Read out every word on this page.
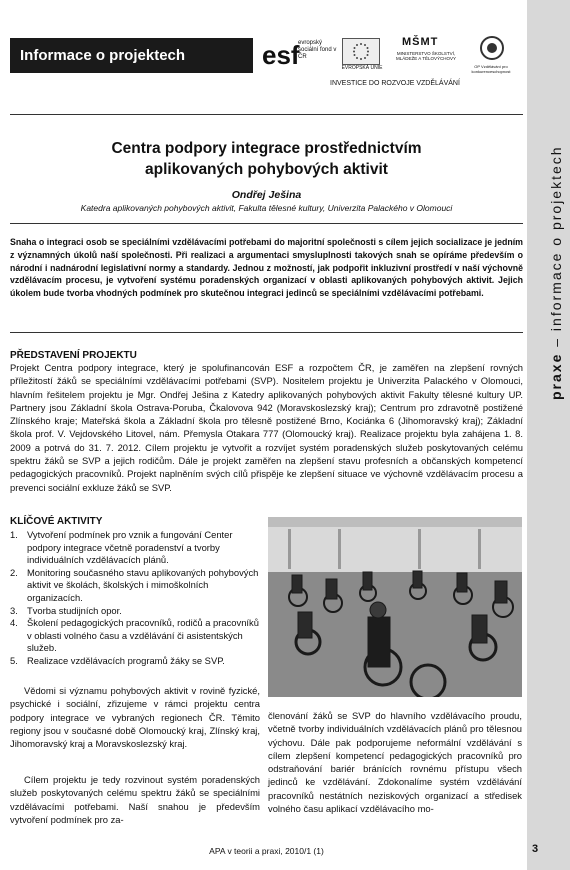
praxe – informace o projektech
Informace o projektech	esf
evropský sociální fond v ČR
EVROPSKÁ UNIE
MŠMT
MINISTERSTVO ŠKOLSTVÍ, MLÁDEŽE A TĚLOVÝCHOVY
OP Vzdělávání pro konkurenceschopnost
INVESTICE DO ROZVOJE VZDĚLÁVÁNÍ
Centra podpory integrace prostřednictvím
aplikovaných pohybových aktivit
Ondřej Ješina
Katedra aplikovaných pohybových aktivit, Fakulta tělesné kultury, Univerzita Palackého v Olomouci
Snaha o integraci osob se speciálními vzdělávacími potřebami do majoritní společnosti s cílem jejich socializace je jedním z významných úkolů naší společnosti. Při realizaci a argumentaci smysluplnosti takových snah se opíráme především o národní i nadnárodní legislativní normy a standardy. Jednou z možností, jak podpořit inkluzivní prostředí v naší výchovně vzdělávacím procesu, je vytvoření systému poradenských organizací v oblasti aplikovaných pohybových aktivit. Jejich úkolem bude tvorba vhodných podmínek pro skutečnou integraci jedinců se speciálními vzdělávacími potřebami.
PŘEDSTAVENÍ PROJEKTU
Projekt Centra podpory integrace, který je spolufinancován ESF a rozpočtem ČR, je zaměřen na zlepšení rovných příležitostí žáků se speciálními vzdělávacími potřebami (SVP). Nositelem projektu je Univerzita Palackého v Olomouci, hlavním řešitelem projektu je Mgr. Ondřej Ješina z Katedry aplikovaných pohybových aktivit Fakulty tělesné kultury UP. Partnery jsou Základní škola Ostrava-Poruba, Čkalovova 942 (Moravskoslezský kraj); Centrum pro zdravotně postižené Zlínského kraje; Mateřská škola a Základní škola pro tělesně postižené Brno, Kociánka 6 (Jihomoravský kraj); Základní škola prof. V. Vejdovského Litovel, nám. Přemysla Otakara 777 (Olomoucký kraj). Realizace projektu byla zahájena 1. 8. 2009 a potrvá do 31. 7. 2012. Cílem projektu je vytvořit a rozvíjet systém poradenských služeb poskytovaných celému spektru žáků se SVP a jejich rodičům. Dále je projekt zaměřen na zlepšení stavu profesních a občanských kompetencí pedagogických pracovníků. Projekt naplněním svých cílů přispěje ke zlepšení situace ve výchovně vzdělávacím procesu a prevenci sociální exkluze žáků se SVP.
KLÍČOVÉ AKTIVITY
1. Vytvoření podmínek pro vznik a fungování Center podpory integrace včetně poradenství a tvorby individuálních vzdělávacích plánů.
2. Monitoring současného stavu aplikovaných pohybových aktivit ve školách, školských i mimoškolních organizacích.
3. Tvorba studijních opor.
4. Školení pedagogických pracovníků, rodičů a pracovníků v oblasti volného času a vzdělávání či asistentských služeb.
5. Realizace vzdělávacích programů žáky se SVP.
Vědomi si významu pohybových aktivit v rovině fyzické, psychické i sociální, zřizujeme v rámci projektu centra podpory integrace ve vybraných regionech ČR. Těmito regiony jsou v současné době Olomoucký kraj, Zlínský kraj, Jihomoravský kraj a Moravskoslezský kraj.
Cílem projektu je tedy rozvinout systém poradenských služeb poskytovaných celému spektru žáků se speciálními vzdělávacími potřebami. Naší snahou je především vytvoření podmínek pro za-
členování žáků se SVP do hlavního vzdělávacího proudu, včetně tvorby individuálních vzdělávacích plánů pro tělesnou výchovu. Dále pak podporujeme neformální vzdělávání s cílem zlepšení kompetencí pedagogických pracovníků pro odstraňování bariér bránících rovnému přístupu všech jedinců ke vzdělávání. Zdokonalíme systém vzdělávání pracovníků nestátních neziskových organizací a středisek volného času aplikací vzdělávacího mo-
APA v teorii a praxi, 2010/1 (1)	3
